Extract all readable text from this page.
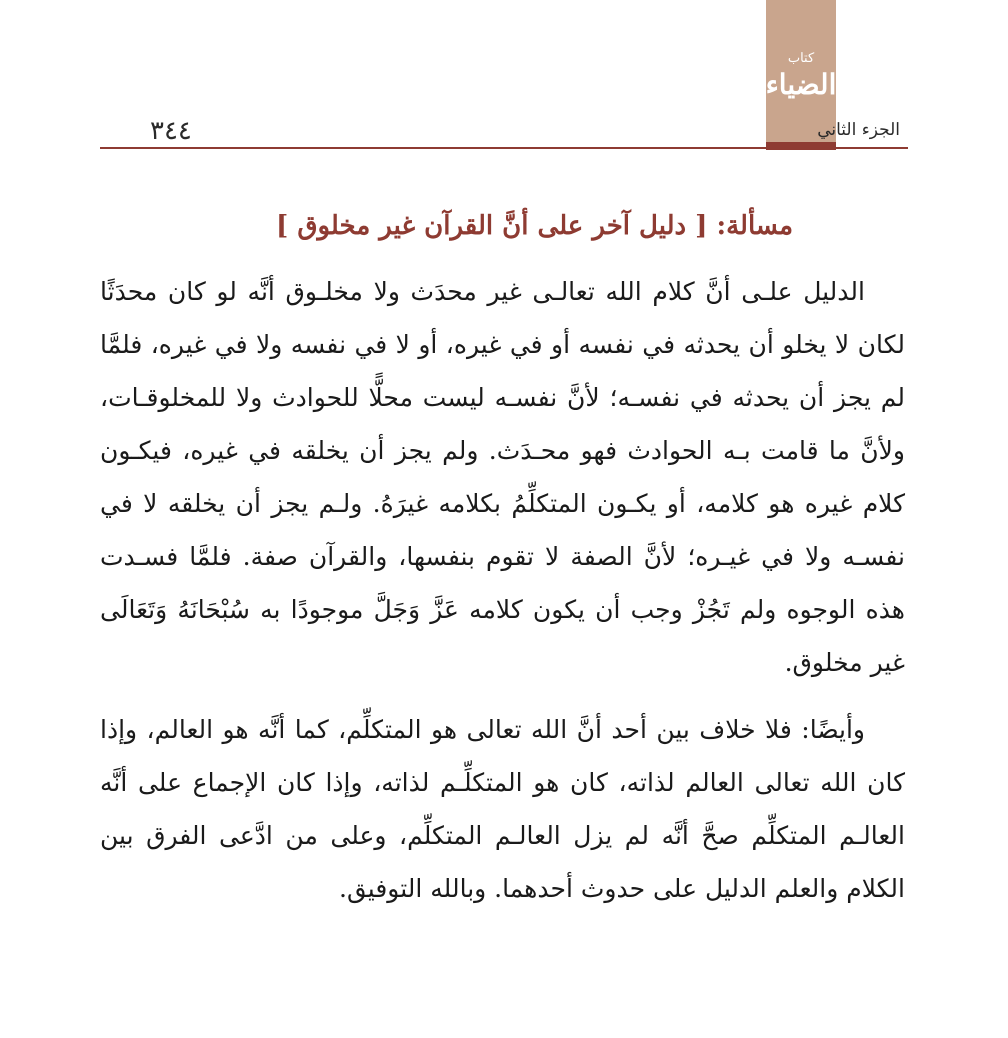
كتاب
الضياء
٣٤٤	الجزء الثاني
مسألة: [ دليل آخر على أنَّ القرآن غير مخلوق ]

الدليل علـى أنَّ كلام الله تعالـى غير محدَث ولا مخلـوق أنَّه لو كان محدَثًا لكان لا يخلو أن يحدثه في نفسه أو في غيره، أو لا في نفسه ولا في غيره، فلمَّا لم يجز أن يحدثه في نفسـه؛ لأنَّ نفسـه ليست محلًّا للحوادث ولا للمخلوقـات، ولأنَّ ما قامت بـه الحوادث فهو محـدَث. ولم يجز أن يخلقه في غيره، فيكـون كلام غيره هو كلامه، أو يكـون المتكلِّمُ بكلامه غيرَهُ. ولـم يجز أن يخلقه لا في نفسـه ولا في غيـره؛ لأنَّ الصفة لا تقوم بنفسها، والقرآن صفة. فلمَّا فسـدت هذه الوجوه ولم تَجُزْ وجب أن يكون كلامه عَزَّ وَجَلَّ موجودًا به سُبْحَانَهُ وَتَعَالَى غير مخلوق.

وأيضًا: فلا خلاف بين أحد أنَّ الله تعالى هو المتكلِّم، كما أنَّه هو العالم، وإذا كان الله تعالى العالم لذاته، كان هو المتكلِّـم لذاته، وإذا كان الإجماع على أنَّه العالـم المتكلِّم صحَّ أنَّه لم يزل العالـم المتكلِّم، وعلى من ادَّعى الفرق بين الكلام والعلم الدليل على حدوث أحدهما. وبالله التوفيق.
